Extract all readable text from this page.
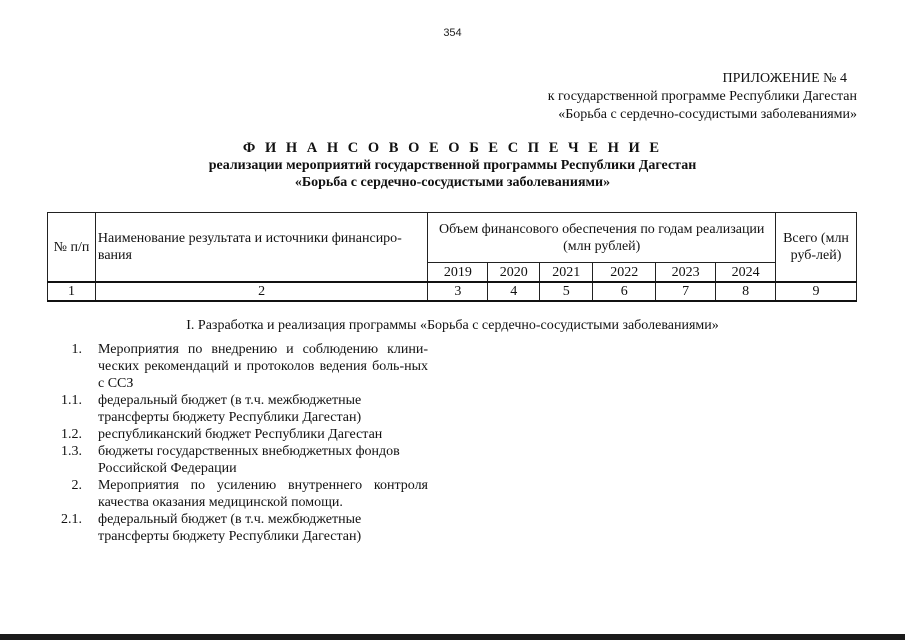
354
ПРИЛОЖЕНИЕ № 4
к государственной программе Республики Дагестан
«Борьба с сердечно-сосудистыми заболеваниями»
Ф И Н А Н С О В О Е О Б Е С П Е Ч Е Н И Е
реализации мероприятий государственной программы Республики Дагестан
«Борьба с сердечно-сосудистыми заболеваниями»
№ п/п	Наименование результата и источники финансиро-вания	Объем финансового обеспечения по годам реализации (млн рублей)						Всего (млн руб-лей)
		2019	2020	2021	2022	2023	2024	
1	2	3	4	5	6	7	8	9
I. Разработка и реализация программы «Борьба с сердечно-сосудистыми заболеваниями»
1.	Мероприятия по внедрению и соблюдению клини-ческих рекомендаций и протоколов ведения боль-ных с ССЗ
1.1.	федеральный бюджет (в т.ч. межбюджетные трансферты бюджету Республики Дагестан)
1.2.	республиканский бюджет Республики Дагестан
1.3.	бюджеты государственных внебюджетных фондов Российской Федерации
2.	Мероприятия по усилению внутреннего контроля качества оказания медицинской помощи.
2.1.	федеральный бюджет (в т.ч. межбюджетные трансферты бюджету Республики Дагестан)
